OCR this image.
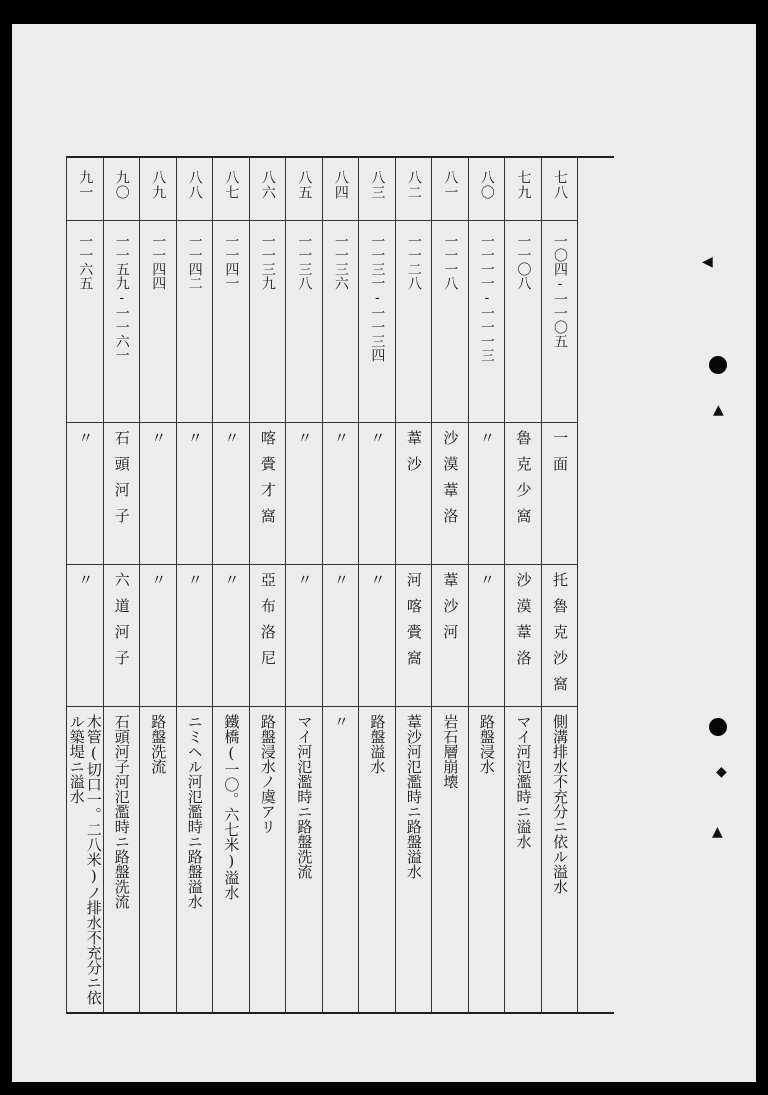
九一
一一六五
〃
〃
木管(切口一。二八米)ノ排水不充分ニ依ル築堤ニ溢水
九〇
一一五九-一一六一
石頭河子
六道河子
石頭河子河氾濫時ニ路盤洗流
八九
一一四四
〃
〃
路盤洗流
八八
一一四二
〃
〃
ニミヘル河氾濫時ニ路盤溢水
八七
一一四一
〃
〃
鐵橋(一〇。六七米)溢水
八六
一一三九
喀賫才窩
亞布洛尼
路盤浸水ノ虞アリ
八五
一一三八
〃
〃
マイ河氾濫時ニ路盤洗流
八四
一一三六
〃
〃
〃
八三
一一三一-一一三四
〃
〃
路盤溢水
八二
一一二八
葦沙
河喀賫窩
葦沙河氾濫時ニ路盤溢水
八一
一一一八
沙漠葦洛
葦沙河
岩石層崩壊
八〇
一一一一-一一一三
〃
〃
路盤浸水
七九
一一〇八
魯克少窩
沙漠葦洛
マイ河氾濫時ニ溢水
七八
一〇四-一一〇五
一面
托魯克沙窩
側溝排水不充分ニ依ル溢水
◀
▲
◆
▲
